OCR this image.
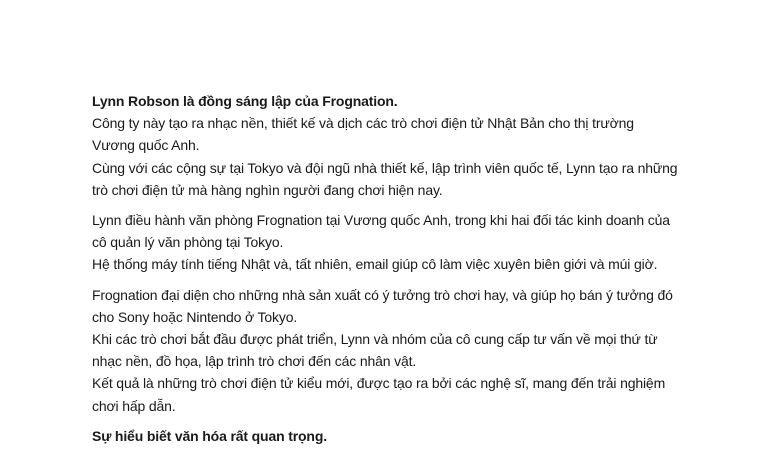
Lynn Robson là đồng sáng lập của Frognation.
Công ty này tạo ra nhạc nền, thiết kế và dịch các trò chơi điện tử Nhật Bản cho thị trường
Vương quốc Anh.
Cùng với các cộng sự tại Tokyo và đội ngũ nhà thiết kế, lập trình viên quốc tế, Lynn tạo ra những
trò chơi điện tử mà hàng nghìn người đang chơi hiện nay.
Lynn điều hành văn phòng Frognation tại Vương quốc Anh, trong khi hai đối tác kinh doanh của
cô quản lý văn phòng tại Tokyo.
Hệ thống máy tính tiếng Nhật và, tất nhiên, email giúp cô làm việc xuyên biên giới và múi giờ.
Frognation đại diện cho những nhà sản xuất có ý tưởng trò chơi hay, và giúp họ bán ý tưởng đó
cho Sony hoặc Nintendo ở Tokyo.
Khi các trò chơi bắt đầu được phát triển, Lynn và nhóm của cô cung cấp tư vấn về mọi thứ từ
nhạc nền, đồ họa, lập trình trò chơi đến các nhân vật.
Kết quả là những trò chơi điện tử kiểu mới, được tạo ra bởi các nghệ sĩ, mang đến trải nghiệm
chơi hấp dẫn.
Sự hiểu biết văn hóa rất quan trọng.
